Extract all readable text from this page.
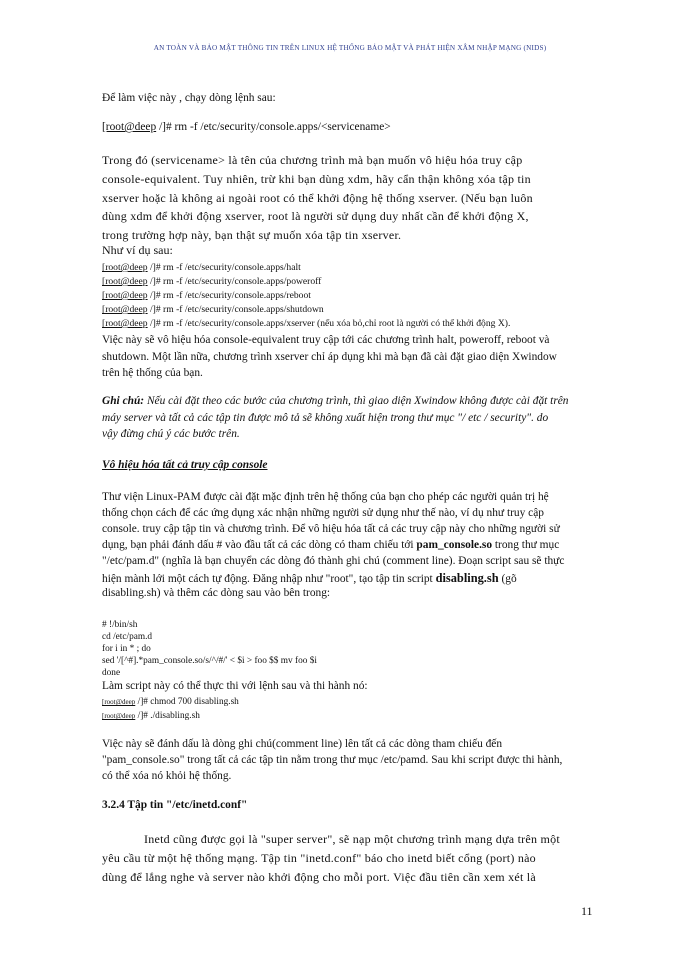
AN TOÀN VÀ BẢO MẬT THÔNG TIN TRÊN LINUX HỆ THỐNG BẢO MẬT VÀ PHÁT HIỆN XÂM NHẬP MẠNG (NIDS)
Để làm việc này , chạy dòng lệnh sau:
[root@deep /]# rm -f /etc/security/console.apps/<servicename>
Trong đó (servicename> là tên của chương trình mà bạn muốn vô hiệu hóa truy cập
console-equivalent. Tuy nhiên, trừ khi bạn dùng xdm, hãy cẩn thận không xóa tập tin
xserver hoặc là không ai ngoài root có thể khởi động hệ thống xserver. (Nếu bạn luôn
dùng xdm để khởi động xserver, root là người sử dụng duy nhất cần để khởi động X,
trong trường hợp này, bạn thật sự muốn xóa tập tin xserver.
Như ví dụ sau:
[root@deep /]# rm -f /etc/security/console.apps/halt
[root@deep /]# rm -f /etc/security/console.apps/poweroff
[root@deep /]# rm -f /etc/security/console.apps/reboot
[root@deep /]# rm -f /etc/security/console.apps/shutdown
[root@deep /]# rm -f /etc/security/console.apps/xserver (nếu xóa bỏ,chỉ root là người có thể khởi động X).
Việc này sẽ vô hiệu hóa console-equivalent truy cập tới các chương trình halt, poweroff, reboot và
shutdown. Một lần nữa, chương trình xserver chỉ áp dụng khi mà bạn đã cài đặt giao diện Xwindow
trên hệ thống của bạn.
Ghi chú: Nếu cài đặt theo các bước của chương trình, thì giao diện Xwindow không được cài đặt trên
máy server và tất cả các tập tin được mô tả sẽ không xuất hiện trong thư mục "/ etc / security". do
vậy đừng chú ý các bước trên.
Vô hiệu hóa tất cả truy cập console
Thư viện Linux-PAM được cài đặt mặc định trên hệ thống của bạn cho phép các người quản trị hệ
thống chọn cách để các ứng dụng xác nhận những người sử dụng như thế nào, ví dụ như truy cập
console. truy cập tập tin và chương trình. Để vô hiệu hóa tất cả các truy cập này cho những người sử
dụng, bạn phải đánh dấu # vào đầu tất cả các dòng có tham chiếu tới pam_console.so trong thư mục
"/etc/pam.d" (nghĩa là bạn chuyển các dòng đó thành ghi chú (comment line). Đoạn script sau sẽ thực
hiện mành lới một cách tự động. Đăng nhập như "root", tạo tập tin script disabling.sh (gõ
disabling.sh) và thêm các dòng sau vào bên trong:
# !/bin/sh
cd /etc/pam.d
for i in * ; do
sed '/[^#].*pam_console.so/s/^/#/' < $i > foo $$ mv foo $i
done
Làm script này có thể thực thi với lệnh sau và thi hành nó:
[root@deep /]# chmod 700 disabling.sh
[root@deep /]# ./disabling.sh
Việc này sẽ đánh dấu là dòng ghi chú(comment line) lên tất cả các dòng tham chiếu đến
"pam_console.so" trong tất cả các tập tin nằm trong thư mục /etc/pamd. Sau khi script được thi hành,
có thể xóa nó khỏi hệ thống.
3.2.4 Tập tin "/etc/inetd.conf"
Inetd cũng được gọi là "super server", sẽ nạp một chương trình mạng dựa trên một
yêu cầu từ một hệ thống mạng. Tập tin "inetd.conf" báo cho inetd biết cổng (port) nào
dùng để lắng nghe và server nào khởi động cho mỗi port. Việc đầu tiên cần xem xét là
11
